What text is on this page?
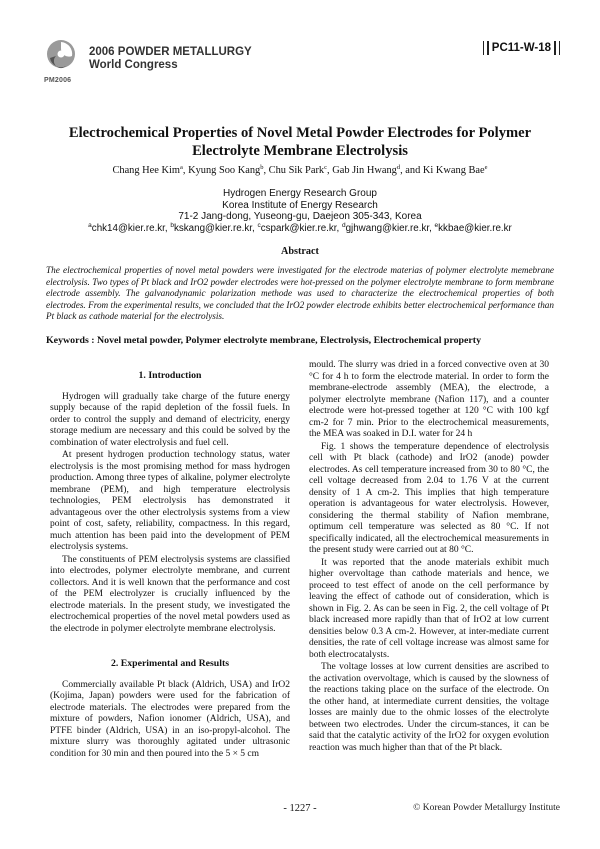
PM2006
2006 POWDER METALLURGY
World Congress
PC11-W-18
Electrochemical Properties of Novel Metal Powder Electrodes for Polymer
Electrolyte Membrane Electrolysis
Chang Hee Kim$^a$, Kyung Soo Kang$^b$, Chu Sik Park$^c$, Gab Jin Hwang$^d$, and Ki Kwang Bae$^e$
Hydrogen Energy Research Group
Korea Institute of Energy Research
71-2 Jang-dong, Yuseong-gu, Daejeon 305-343, Korea
$^a$chk14@kier.re.kr, $^b$kskang@kier.re.kr, $^c$cspark@kier.re.kr, $^d$gjhwang@kier.re.kr, $^e$kkbae@kier.re.kr
Abstract
The electrochemical properties of novel metal powders were investigated for the electrode materias of polymer electrolyte memebrane electrolysis. Two types of Pt black and IrO2 powder electrodes were hot-pressed on the polymer electrolyte membrane to form membrane electrode assembly. The galvanodynamic polarization methode was used to characterize the electrochemical properties of both electrodes. From the experimental results, we concluded that the IrO2 powder electrode exhibits better electrochemical performance than Pt black as cathode material for the electrolysis.
Keywords : Novel metal powder, Polymer electrolyte membrane, Electrolysis, Electrochemical property
1. Introduction

Hydrogen will gradually take charge of the future energy supply because of the rapid depletion of the fossil fuels. In order to control the supply and demand of electricity, energy storage medium are necessary and this could be solved by the combination of water electrolysis and fuel cell.

At present hydrogen production technology status, water electrolysis is the most promising method for mass hydrogen production. Among three types of alkaline, polymer electrolyte membrane (PEM), and high temperature electrolysis technologies, PEM electrolysis has demonstrated it advantageous over the other electrolysis systems from a view point of cost, safety, reliability, compactness. In this regard, much attention has been paid into the development of PEM electrolysis systems.

The constituents of PEM electrolysis systems are classified into electrodes, polymer electrolyte membrane, and current collectors. And it is well known that the performance and cost of the PEM electrolyzer is crucially influenced by the electrode materials. In the present study, we investigated the electrochemical properties of the novel metal powders used as the electrode in polymer electrolyte membrane electrolysis.

2. Experimental and Results

Commercially available Pt black (Aldrich, USA) and IrO2 (Kojima, Japan) powders were used for the fabrication of electrode materials. The electrodes were prepared from the mixture of powders, Nafion ionomer (Aldrich, USA), and PTFE binder (Aldrich, USA) in an iso-propyl-alcohol. The mixture slurry was thoroughly agitated under ultrasonic condition for 30 min and then poured into the 5 × 5 cm

mould. The slurry was dried in a forced convective oven at 30 °C for 4 h to form the electrode material. In order to form the membrane-electrode assembly (MEA), the electrode, a polymer electrolyte membrane (Nafion 117), and a counter electrode were hot-pressed together at 120 °C with 100 kgf cm-2 for 7 min. Prior to the electrochemical measurements, the MEA was soaked in D.I. water for 24 h

Fig. 1 shows the temperature dependence of electrolysis cell with Pt black (cathode) and IrO2 (anode) powder electrodes. As cell temperature increased from 30 to 80 °C, the cell voltage decreased from 2.04 to 1.76 V at the current density of 1 A cm-2. This implies that high temperature operation is advantageous for water electrolysis. However, considering the thermal stability of Nafion membrane, optimum cell temperature was selected as 80 °C. If not specifically indicated, all the electrochemical measurements in the present study were carried out at 80 °C.

It was reported that the anode materials exhibit much higher overvoltage than cathode materials and hence, we proceed to test effect of anode on the cell performance by leaving the effect of cathode out of consideration, which is shown in Fig. 2. As can be seen in Fig. 2, the cell voltage of Pt black increased more rapidly than that of IrO2 at low current densities below 0.3 A cm-2. However, at inter-mediate current densities, the rate of cell voltage increase was almost same for both electrocatalysts.

The voltage losses at low current densities are ascribed to the activation overvoltage, which is caused by the slowness of the reactions taking place on the surface of the electrode. On the other hand, at intermediate current densities, the voltage losses are mainly due to the ohmic losses of the electrolyte between two electrodes. Under the circum-stances, it can be said that the catalytic activity of the IrO2 for oxygen evolution reaction was much higher than that of the Pt black.

- 1227 -	© Korean Powder Metallurgy Institute
